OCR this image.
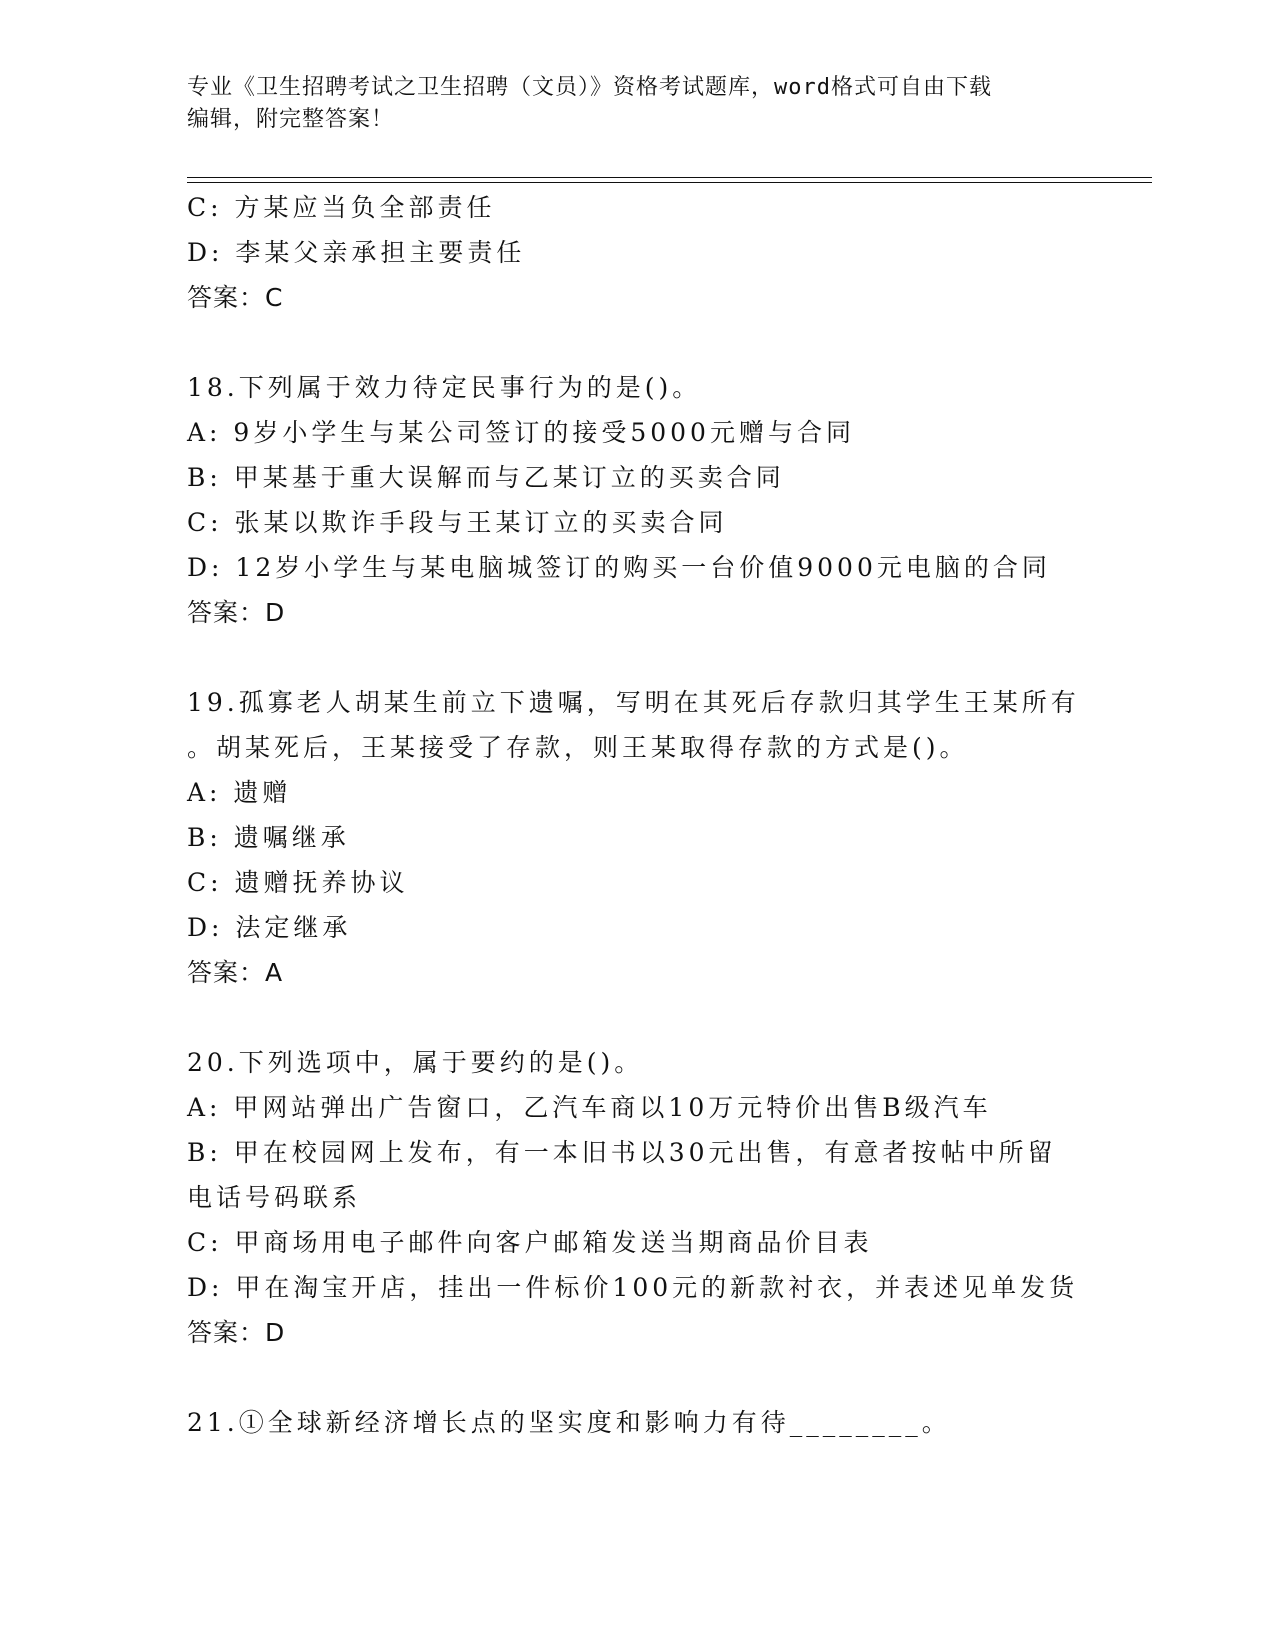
专业《卫生招聘考试之卫生招聘（文员）》资格考试题库，word格式可自由下载
编辑，附完整答案！
C: 方某应当负全部责任
D: 李某父亲承担主要责任
答案：C
18.下列属于效力待定民事行为的是()。
A: 9岁小学生与某公司签订的接受5000元赠与合同
B: 甲某基于重大误解而与乙某订立的买卖合同
C: 张某以欺诈手段与王某订立的买卖合同
D: 12岁小学生与某电脑城签订的购买一台价值9000元电脑的合同
答案：D
19.孤寡老人胡某生前立下遗嘱，写明在其死后存款归其学生王某所有
。胡某死后，王某接受了存款，则王某取得存款的方式是()。
A: 遗赠
B: 遗嘱继承
C: 遗赠抚养协议
D: 法定继承
答案：A
20.下列选项中，属于要约的是()。
A: 甲网站弹出广告窗口，乙汽车商以10万元特价出售B级汽车
B: 甲在校园网上发布，有一本旧书以30元出售，有意者按帖中所留
电话号码联系
C: 甲商场用电子邮件向客户邮箱发送当期商品价目表
D: 甲在淘宝开店，挂出一件标价100元的新款衬衣，并表述见单发货
答案：D
21.①全球新经济增长点的坚实度和影响力有待________。
